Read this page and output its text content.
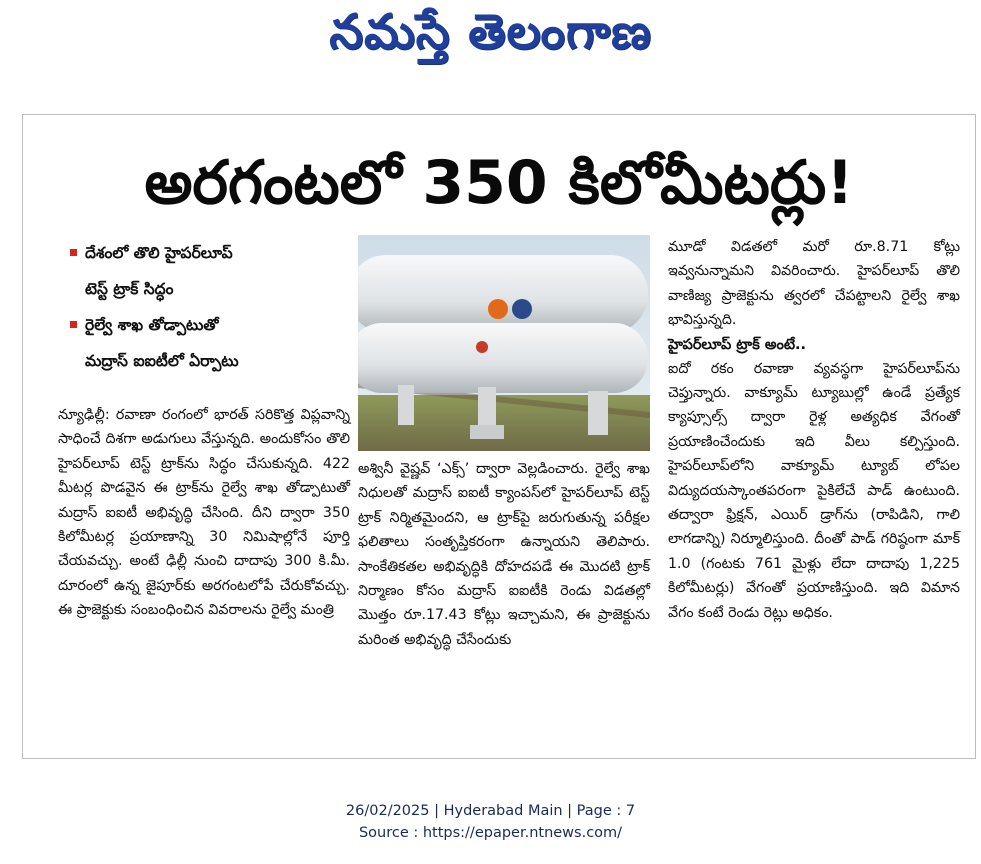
నమస్తే తెలంగాణ
అరగంటలో 350 కిలోమీటర్లు!
దేశంలో తొలి హైపర్‌లూప్
టెస్ట్ ట్రాక్ సిద్ధం
రైల్వే శాఖ తోడ్పాటుతో
మద్రాస్ ఐఐటీలో ఏర్పాటు
న్యూఢిల్లీ: రవాణా రంగంలో భారత్ సరికొత్త విప్లవాన్ని సాధించే దిశగా అడుగులు వేస్తున్నది. అందుకోసం తొలి హైపర్‌లూప్ టెస్ట్ ట్రాక్‌ను సిద్ధం చేసుకున్నది. 422 మీటర్ల పొడవైన ఈ ట్రాక్‌ను రైల్వే శాఖ తోడ్పాటుతో మద్రాస్ ఐఐటీ అభివృద్ధి చేసింది. దీని ద్వారా 350 కిలోమీటర్ల ప్రయాణాన్ని 30 నిమిషాల్లోనే పూర్తి చేయవచ్చు. అంటే ఢిల్లీ నుంచి దాదాపు 300 కి.మీ. దూరంలో ఉన్న జైపూర్‌కు అరగంటలోపే చేరుకోవచ్చు. ఈ ప్రాజెక్టుకు సంబంధించిన వివరాలను రైల్వే మంత్రి
అశ్వినీ వైష్ణవ్ ‘ఎక్స్’ ద్వారా వెల్లడించారు. రైల్వే శాఖ నిధులతో మద్రాస్ ఐఐటీ క్యాంపస్‌లో హైపర్‌లూప్ టెస్ట్ ట్రాక్ నిర్మితమైందని, ఆ ట్రాక్‌పై జరుగుతున్న పరీక్షల ఫలితాలు సంతృప్తికరంగా ఉన్నాయని తెలిపారు. సాంకేతికతల అభివృద్ధికి దోహదపడే ఈ మొదటి ట్రాక్ నిర్మాణం కోసం మద్రాస్ ఐఐటీకి రెండు విడతల్లో మొత్తం రూ.17.43 కోట్లు ఇచ్చామని, ఈ ప్రాజెక్టును మరింత అభివృద్ధి చేసేందుకు
మూడో విడతలో మరో రూ.8.71 కోట్లు ఇవ్వనున్నామని వివరించారు. హైపర్‌లూప్ తొలి వాణిజ్య ప్రాజెక్టును త్వరలో చేపట్టాలని రైల్వే శాఖ భావిస్తున్నది.
హైపర్‌లూప్ ట్రాక్ అంటే..
ఐదో రకం రవాణా వ్యవస్థగా హైపర్‌లూప్‌ను చెప్తున్నారు. వాక్యూమ్ ట్యూబుల్లో ఉండే ప్రత్యేక క్యాప్సూల్స్ ద్వారా రైళ్ల అత్యధిక వేగంతో ప్రయాణించేందుకు ఇది వీలు కల్పిస్తుంది. హైపర్‌లూప్‌లోని వాక్యూమ్ ట్యూబ్ లోపల విద్యుదయస్కాంతపరంగా పైకిలేచే పాడ్ ఉంటుంది. తద్వారా ఫ్రిక్షన్, ఎయిర్ డ్రాగ్‌ను (రాపిడిని, గాలి లాగడాన్ని) నిర్మూలిస్తుంది. దీంతో పాడ్ గరిష్ఠంగా మాక్ 1.0 (గంటకు 761 మైళ్లు లేదా దాదాపు 1,225 కిలోమీటర్లు) వేగంతో ప్రయాణిస్తుంది. ఇది విమాన వేగం కంటే రెండు రెట్లు అధికం.
26/02/2025 | Hyderabad Main | Page : 7
Source : https://epaper.ntnews.com/
